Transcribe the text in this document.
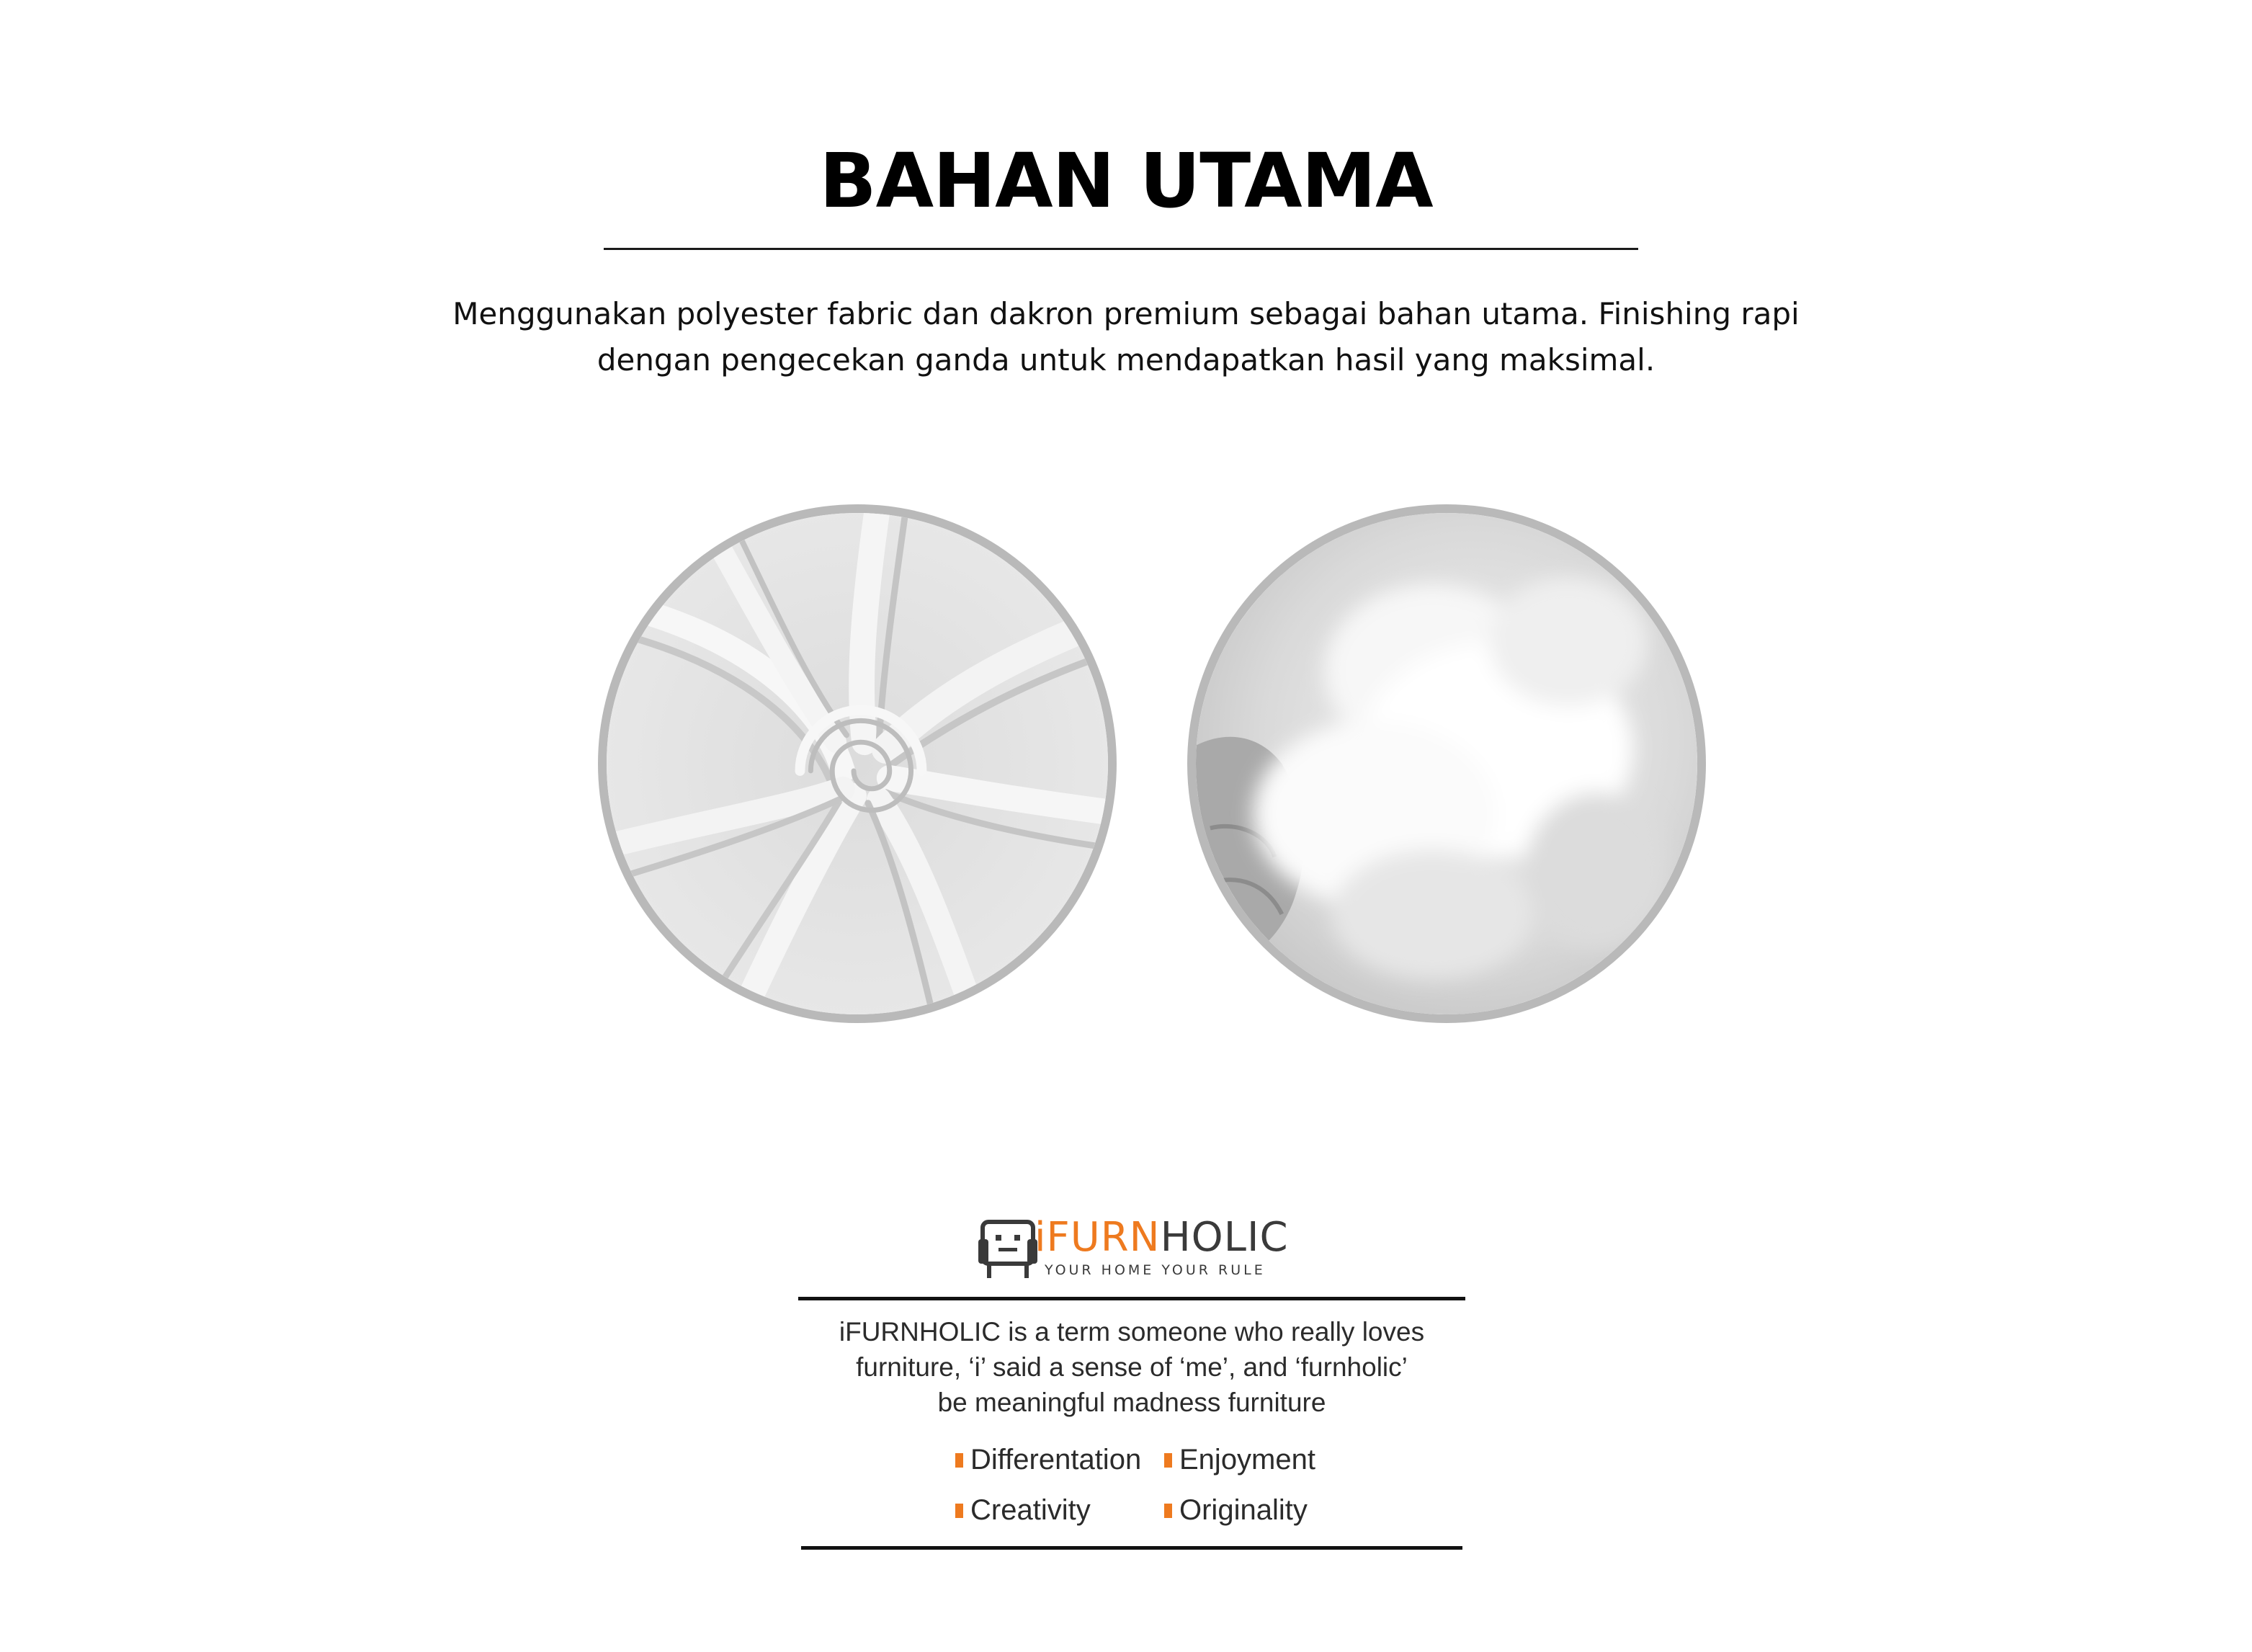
BAHAN UTAMA
Menggunakan polyester fabric dan dakron premium sebagai bahan utama. Finishing rapi
dengan pengecekan ganda untuk mendapatkan hasil yang maksimal.
iFURNHOLIC
YOUR HOME YOUR RULE
iFURNHOLIC is a term someone who really loves
furniture, ‘i’ said a sense of ‘me’, and ‘furnholic’
be meaningful madness furniture
Differentation	Enjoyment
Creativity	Originality
